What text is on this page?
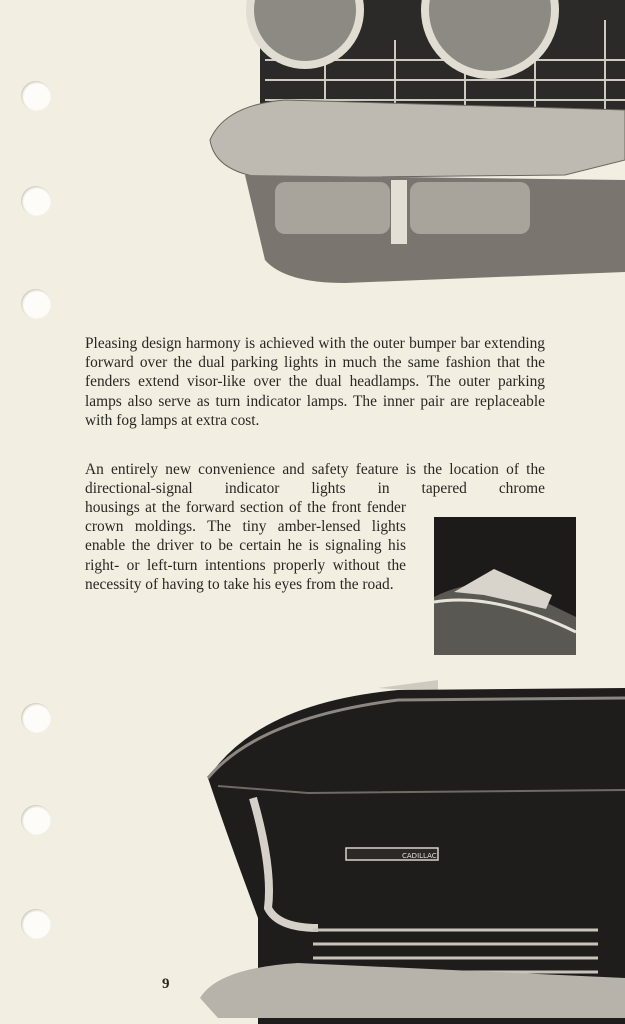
Pleasing design harmony is achieved with the outer bumper bar extending forward over the dual parking lights in much the same fashion that the fenders extend visor-like over the dual headlamps. The outer parking lamps also serve as turn indicator lamps. The inner pair are replaceable with fog lamps at extra cost.

An entirely new convenience and safety feature is the location of the directional-signal indicator lights in tapered chrome

housings at the forward section of the front fender crown moldings. The tiny amber-lensed lights enable the driver to be certain he is signaling his right- or left-turn intentions properly without the necessity of having to take his eyes from the road.

CADILLAC
9
